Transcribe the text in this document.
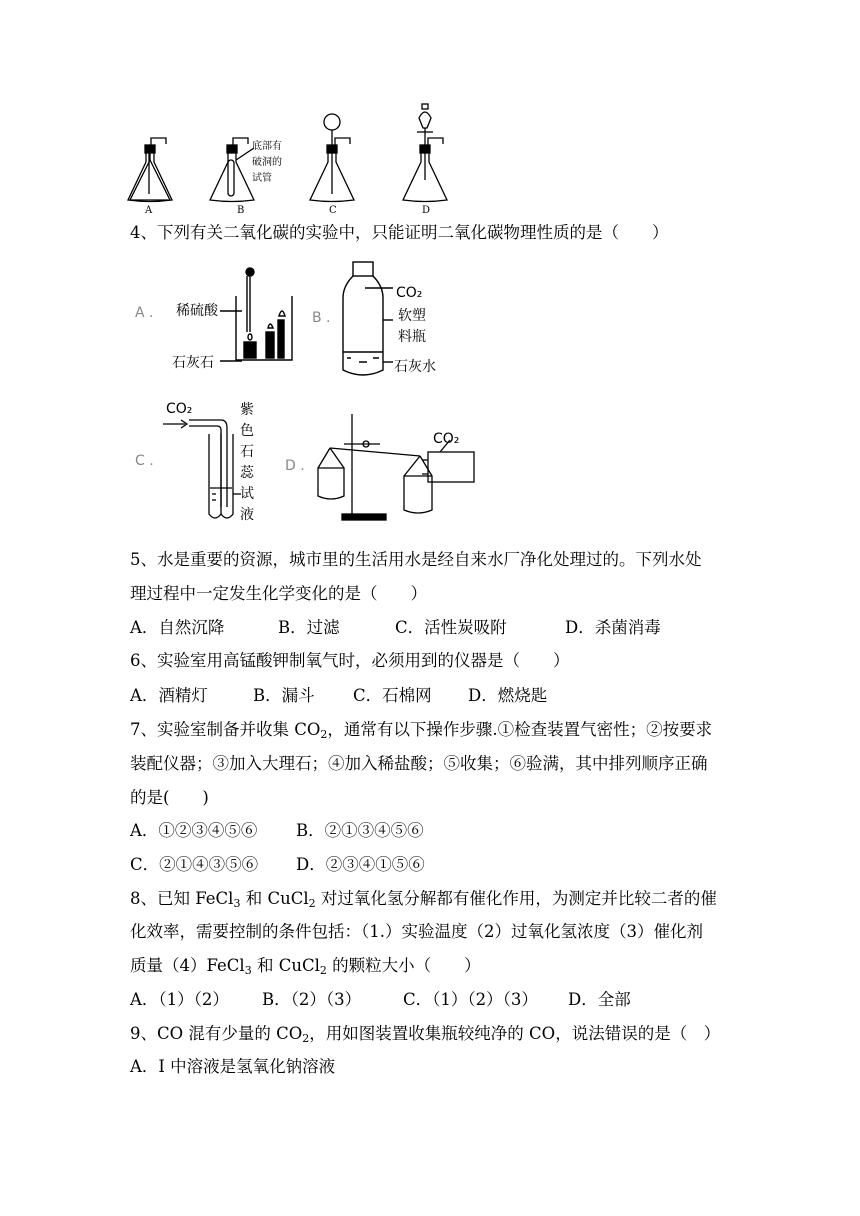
A	B	C	D
底部有
破洞的
试管
4、下列有关二氧化碳的实验中，只能证明二氧化碳物理性质的是（　　）
A . 稀硫酸
石灰石
B .
CO₂
软塑
料瓶
石灰水
C .
CO₂	紫
色
石
蕊
试
液
D .
CO₂
5、水是重要的资源，城市里的生活用水是经自来水厂净化处理过的。下列水处
理过程中一定发生化学变化的是（　　）
A．自然沉降	B．过滤	C．活性炭吸附	D．杀菌消毒
6、实验室用高锰酸钾制氧气时，必须用到的仪器是（　　）
A．酒精灯	B．漏斗 C．石棉网 D．燃烧匙
7、实验室制备并收集 $CO_2$，通常有以下操作步骤.①检查装置气密性；②按要求
装配仪器；③加入大理石；④加入稀盐酸；⑤收集；⑥验满，其中排列顺序正确
的是(　　)
A．①②③④⑤⑥ B．②①③④⑤⑥
C．②①④③⑤⑥ D．②③④①⑤⑥
8、已知 FeCl$_3$ 和 CuCl$_2$ 对过氧化氢分解都有催化作用，为测定并比较二者的催
化效率，需要控制的条件包括：（1.）实验温度（2）过氧化氢浓度（3）催化剂
质量（4）FeCl$_3$ 和 CuCl$_2$ 的颗粒大小（　　）
A．（1）（2） B．（2）（3）	C．（1）（2）（3） D．全部
9、CO 混有少量的 $CO_2$，用如图装置收集瓶较纯净的 CO，说法错误的是（　）
A．I 中溶液是氢氧化钠溶液
